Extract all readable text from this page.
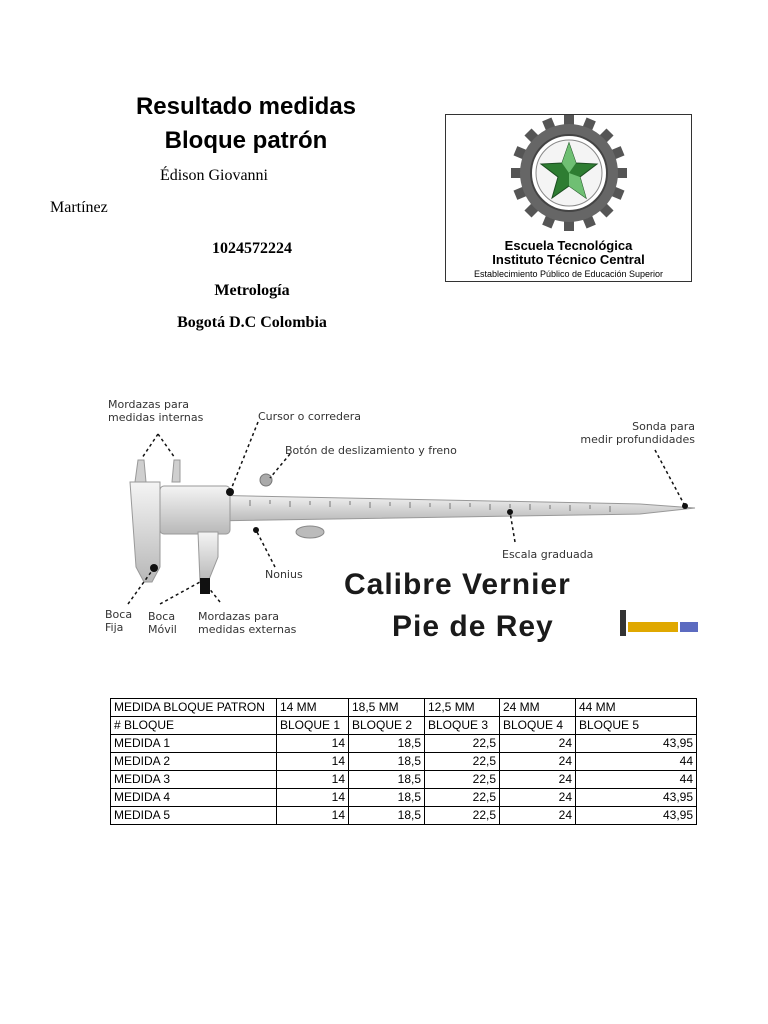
Resultado medidas
Bloque patrón
Édison Giovanni
Martínez
1024572224
Metrología
Bogotá D.C Colombia
Escuela Tecnológica
Instituto Técnico Central
Establecimiento Público de Educación Superior
Mordazas para
medidas internas	Cursor o corredera
Botón de deslizamiento y freno
Sonda para
medir profundidades
Escala graduada
Nonius
Boca
Fija
Boca
Móvil
Mordazas para
medidas externas
Calibre Vernier
Pie de Rey
MEDIDA BLOQUE PATRON	14 MM	18,5 MM	12,5 MM	24 MM	44 MM
# BLOQUE	BLOQUE 1	BLOQUE 2	BLOQUE 3	BLOQUE 4	BLOQUE 5
MEDIDA 1	14	18,5	22,5	24	43,95
MEDIDA 2	14	18,5	22,5	24	44
MEDIDA 3	14	18,5	22,5	24	44
MEDIDA 4	14	18,5	22,5	24	43,95
MEDIDA 5	14	18,5	22,5	24	43,95
